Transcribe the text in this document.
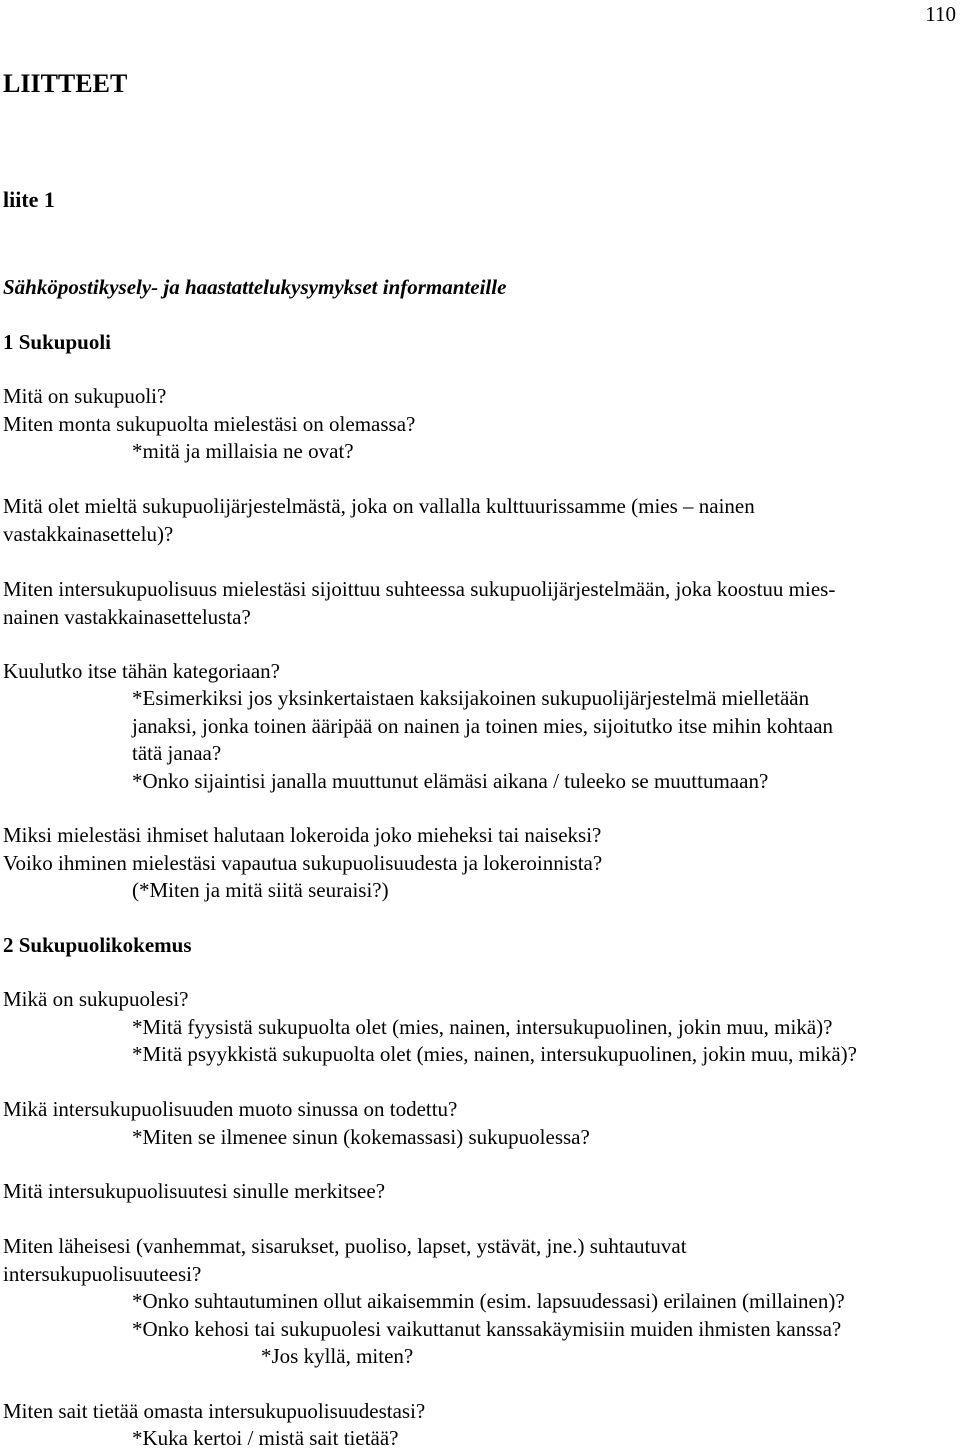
110
LIITTEET
liite 1
Sähköpostikysely- ja haastattelukysymykset informanteille
1 Sukupuoli
Mitä on sukupuoli?
Miten monta sukupuolta mielestäsi on olemassa?
*mitä ja millaisia ne ovat?
Mitä olet mieltä sukupuolijärjestelmästä, joka on vallalla kulttuurissamme (mies – nainen
vastakkainasettelu)?
Miten intersukupuolisuus mielestäsi sijoittuu suhteessa sukupuolijärjestelmään, joka koostuu mies-
nainen vastakkainasettelusta?
Kuulutko itse tähän kategoriaan?
*Esimerkiksi jos yksinkertaistaen kaksijakoinen sukupuolijärjestelmä mielletään
janaksi, jonka toinen ääripää on nainen ja toinen mies, sijoitutko itse mihin kohtaan
tätä janaa?
*Onko sijaintisi janalla muuttunut elämäsi aikana / tuleeko se muuttumaan?
Miksi mielestäsi ihmiset halutaan lokeroida joko mieheksi tai naiseksi?
Voiko ihminen mielestäsi vapautua sukupuolisuudesta ja lokeroinnista?
(*Miten ja mitä siitä seuraisi?)
2 Sukupuolikokemus
Mikä on sukupuolesi?
*Mitä fyysistä sukupuolta olet (mies, nainen, intersukupuolinen, jokin muu, mikä)?
*Mitä psyykkistä sukupuolta olet (mies, nainen, intersukupuolinen, jokin muu, mikä)?
Mikä intersukupuolisuuden muoto sinussa on todettu?
*Miten se ilmenee sinun (kokemassasi) sukupuolessa?
Mitä intersukupuolisuutesi sinulle merkitsee?
Miten läheisesi (vanhemmat, sisarukset, puoliso, lapset, ystävät, jne.) suhtautuvat
intersukupuolisuuteesi?
*Onko suhtautuminen ollut aikaisemmin (esim. lapsuudessasi) erilainen (millainen)?
*Onko kehosi tai sukupuolesi vaikuttanut kanssakäymisiin muiden ihmisten kanssa?
*Jos kyllä, miten?
Miten sait tietää omasta intersukupuolisuudestasi?
*Kuka kertoi / mistä sait tietää?
